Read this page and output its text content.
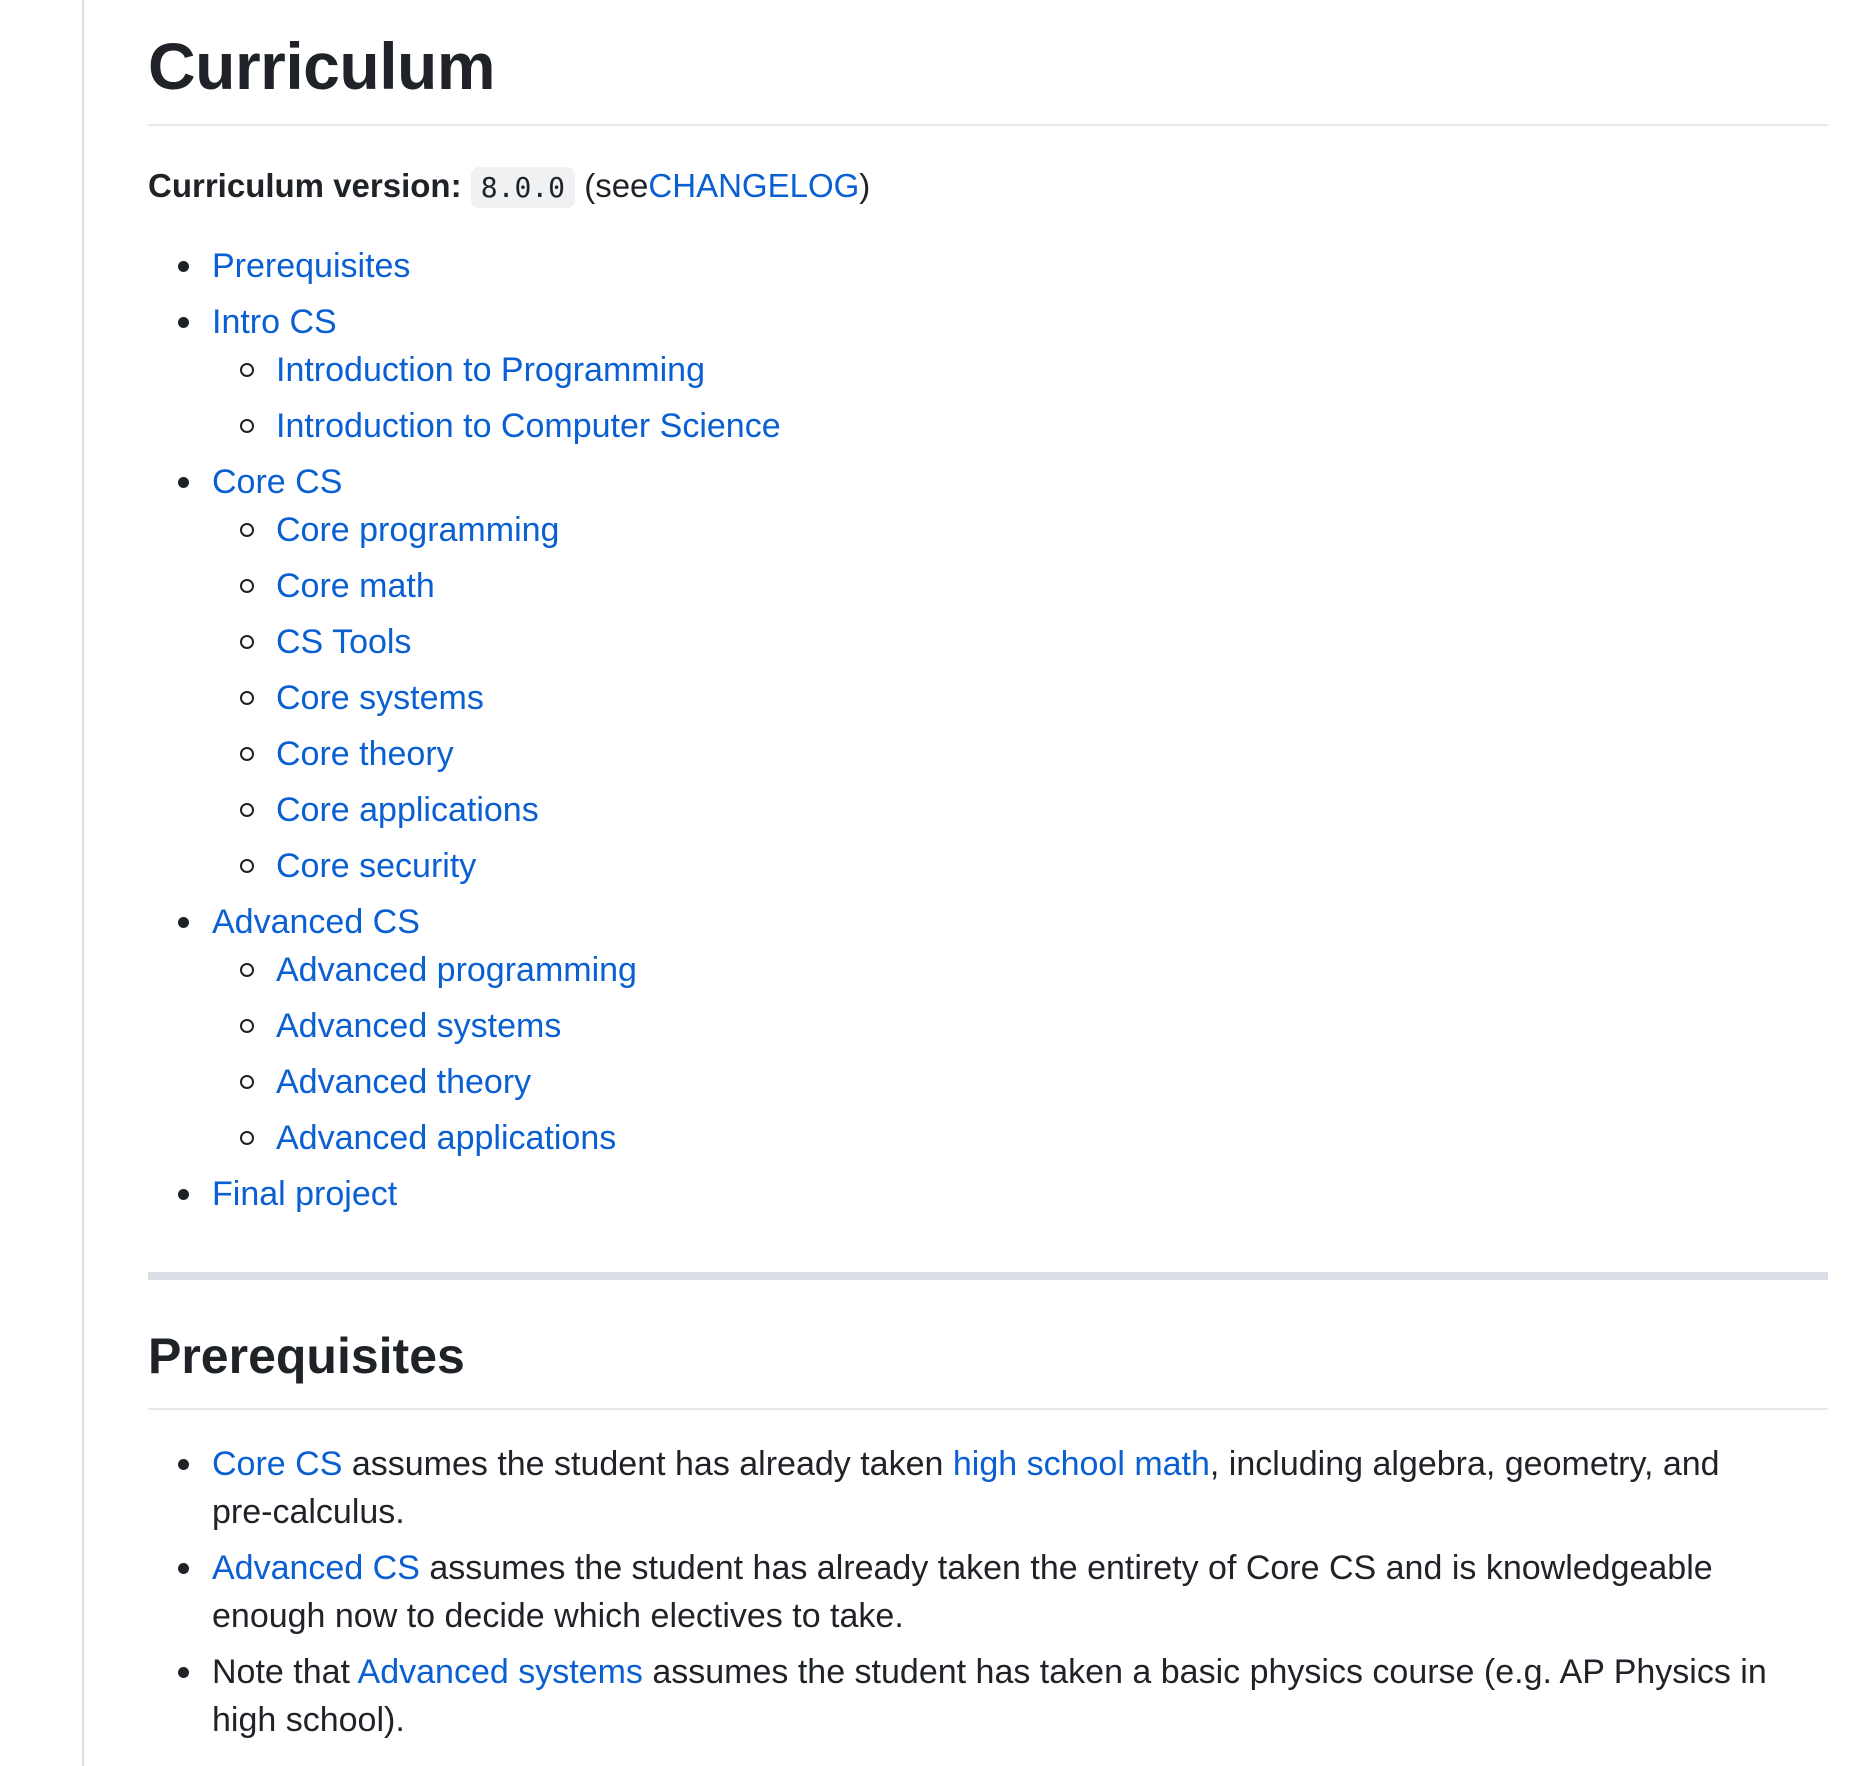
Curriculum

Curriculum version: 8.0.0 (seeCHANGELOG)

Prerequisites
Intro CS
Introduction to Programming
Introduction to Computer Science
Core CS
Core programming
Core math
CS Tools
Core systems
Core theory
Core applications
Core security
Advanced CS
Advanced programming
Advanced systems
Advanced theory
Advanced applications
Final project
Prerequisites
Core CS assumes the student has already taken high school math, including algebra, geometry, and pre-calculus.
Advanced CS assumes the student has already taken the entirety of Core CS and is knowledgeable enough now to decide which electives to take.
Note that Advanced systems assumes the student has taken a basic physics course (e.g. AP Physics in high school).
